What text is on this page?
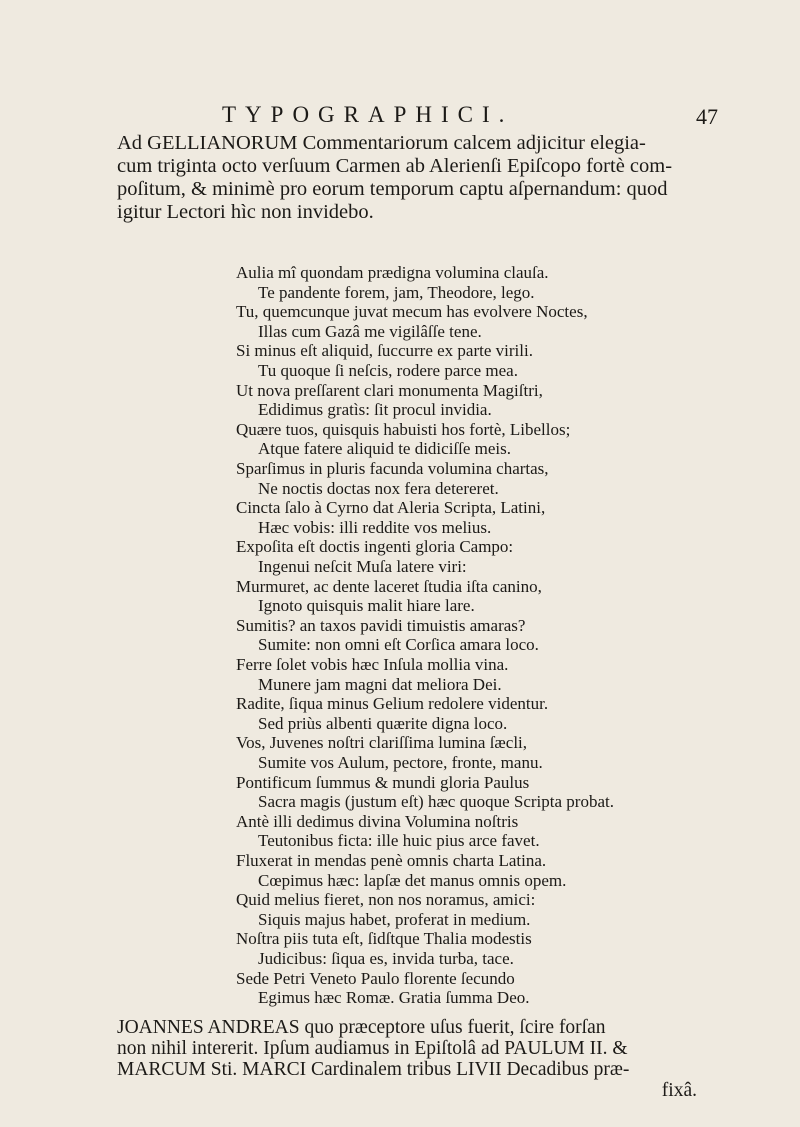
TYPOGRAPHICI.	47
Ad GELLIANORUM Commentariorum calcem adjicitur elegia-
cum triginta octo verſuum Carmen ab Alerienſi Epiſcopo fortè com-
poſitum, & minimè pro eorum temporum captu aſpernandum: quod
igitur Lectori hìc non invidebo.
Aulia mî quondam prædigna volumina clauſa.
Te pandente forem, jam, Theodore, lego.
Tu, quemcunque juvat mecum has evolvere Noctes,
Illas cum Gazâ me vigilâſſe tene.
Si minus eſt aliquid, ſuccurre ex parte virili.
Tu quoque ſi neſcis, rodere parce mea.
Ut nova preſſarent clari monumenta Magiſtri,
Edidimus gratìs: ſit procul invidia.
Quære tuos, quisquis habuisti hos fortè, Libellos;
Atque fatere aliquid te didiciſſe meis.
Sparſimus in pluris facunda volumina chartas,
Ne noctis doctas nox fera detereret.
Cincta ſalo à Cyrno dat Aleria Scripta, Latini,
Hæc vobis: illi reddite vos melius.
Expoſita eſt doctis ingenti gloria Campo:
Ingenui neſcit Muſa latere viri:
Murmuret, ac dente laceret ſtudia iſta canino,
Ignoto quisquis malit hiare lare.
Sumitis? an taxos pavidi timuistis amaras?
Sumite: non omni eſt Corſica amara loco.
Ferre ſolet vobis hæc Inſula mollia vina.
Munere jam magni dat meliora Dei.
Radite, ſiqua minus Gelium redolere videntur.
Sed priùs albenti quærite digna loco.
Vos, Juvenes noſtri clariſſima lumina ſæcli,
Sumite vos Aulum, pectore, fronte, manu.
Pontificum ſummus & mundi gloria Paulus
Sacra magis (justum eſt) hæc quoque Scripta probat.
Antè illi dedimus divina Volumina noſtris
Teutonibus ficta: ille huic pius arce favet.
Fluxerat in mendas penè omnis charta Latina.
Cœpimus hæc: lapſæ det manus omnis opem.
Quid melius fieret, non nos noramus, amici:
Siquis majus habet, proferat in medium.
Noſtra piis tuta eſt, ſidſtque Thalia modestis
Judicibus: ſiqua es, invida turba, tace.
Sede Petri Veneto Paulo florente ſecundo
Egimus hæc Romæ. Gratia ſumma Deo.
JOANNES ANDREAS quo præceptore uſus fuerit, ſcire forſan
non nihil intererit. Ipſum audiamus in Epiſtolâ ad PAULUM II. &
MARCUM Sti. MARCI Cardinalem tribus LIVII Decadibus præ-
fixâ.
